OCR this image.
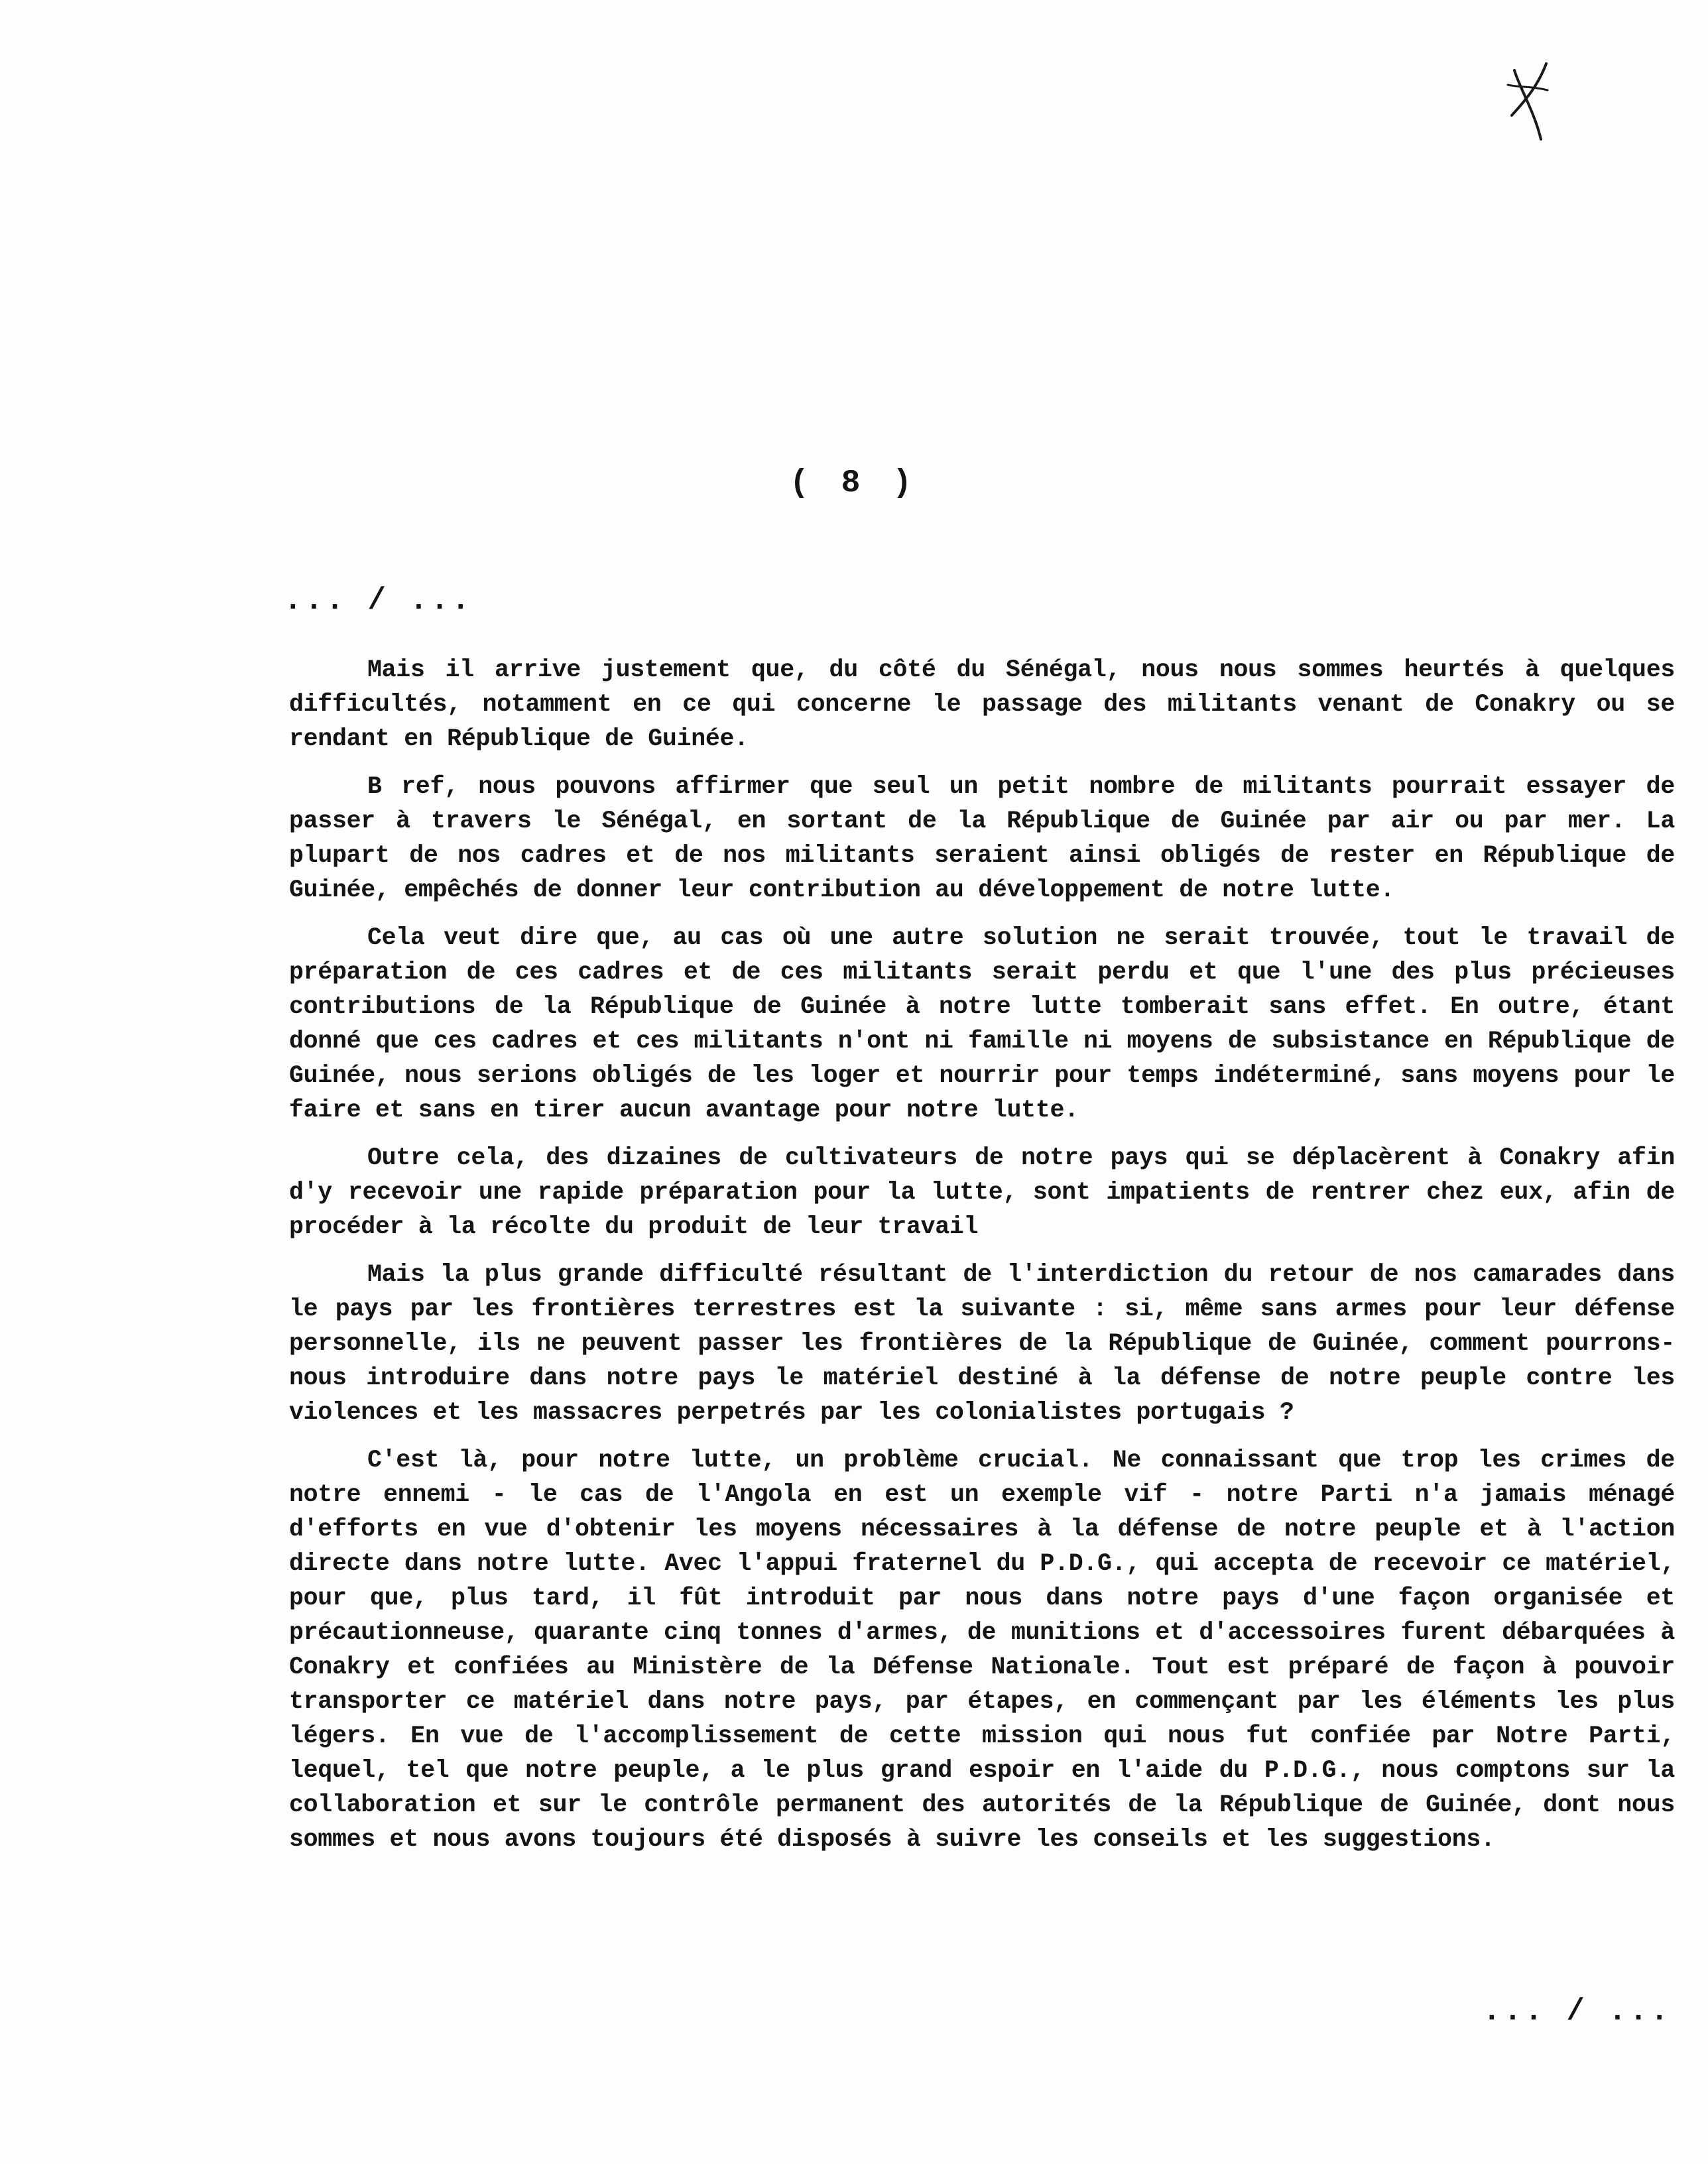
( 8 )
... / ...

Mais il arrive justement que, du côté du Sénégal, nous nous sommes heurtés à quelques difficultés, notamment en ce qui concerne le passage des militants venant de Conakry ou se rendant en République de Guinée.

B ref, nous pouvons affirmer que seul un petit nombre de militants pourrait essayer de passer à travers le Sénégal, en sortant de la République de Guinée par air ou par mer. La plupart de nos cadres et de nos militants seraient ainsi obligés de rester en République de Guinée, empêchés de donner leur contribution au développement de notre lutte.

Cela veut dire que, au cas où une autre solution ne serait trouvée, tout le travail de préparation de ces cadres et de ces militants serait perdu et que l'une des plus précieuses contributions de la République de Guinée à notre lutte tomberait sans effet. En outre, étant donné que ces cadres et ces militants n'ont ni famille ni moyens de subsistance en République de Guinée, nous serions obligés de les loger et nourrir pour temps indéterminé, sans moyens pour le faire et sans en tirer aucun avantage pour notre lutte.

Outre cela, des dizaines de cultivateurs de notre pays qui se déplacèrent à Conakry afin d'y recevoir une rapide préparation pour la lutte, sont impatients de rentrer chez eux, afin de procéder à la récolte du produit de leur travail

Mais la plus grande difficulté résultant de l'interdiction du retour de nos camarades dans le pays par les frontières terrestres est la suivante : si, même sans armes pour leur défense personnelle, ils ne peuvent passer les frontières de la République de Guinée, comment pourrons-nous introduire dans notre pays le matériel destiné à la défense de notre peuple contre les violences et les massacres perpetrés par les colonialistes portugais ?

C'est là, pour notre lutte, un problème crucial. Ne connaissant que trop les crimes de notre ennemi - le cas de l'Angola en est un exemple vif - notre Parti n'a jamais ménagé d'efforts en vue d'obtenir les moyens nécessaires à la défense de notre peuple et à l'action directe dans notre lutte. Avec l'appui fraternel du P.D.G., qui accepta de recevoir ce matériel, pour que, plus tard, il fût introduit par nous dans notre pays d'une façon organisée et précautionneuse, quarante cinq tonnes d'armes, de munitions et d'accessoires furent débarquées à Conakry et confiées au Ministère de la Défense Nationale. Tout est préparé de façon à pouvoir transporter ce matériel dans notre pays, par étapes, en commençant par les éléments les plus légers. En vue de l'accomplissement de cette mission qui nous fut confiée par Notre Parti, lequel, tel que notre peuple, a le plus grand espoir en l'aide du P.D.G., nous comptons sur la collaboration et sur le contrôle permanent des autorités de la République de Guinée, dont nous sommes et nous avons toujours été disposés à suivre les conseils et les suggestions.

... / ...
